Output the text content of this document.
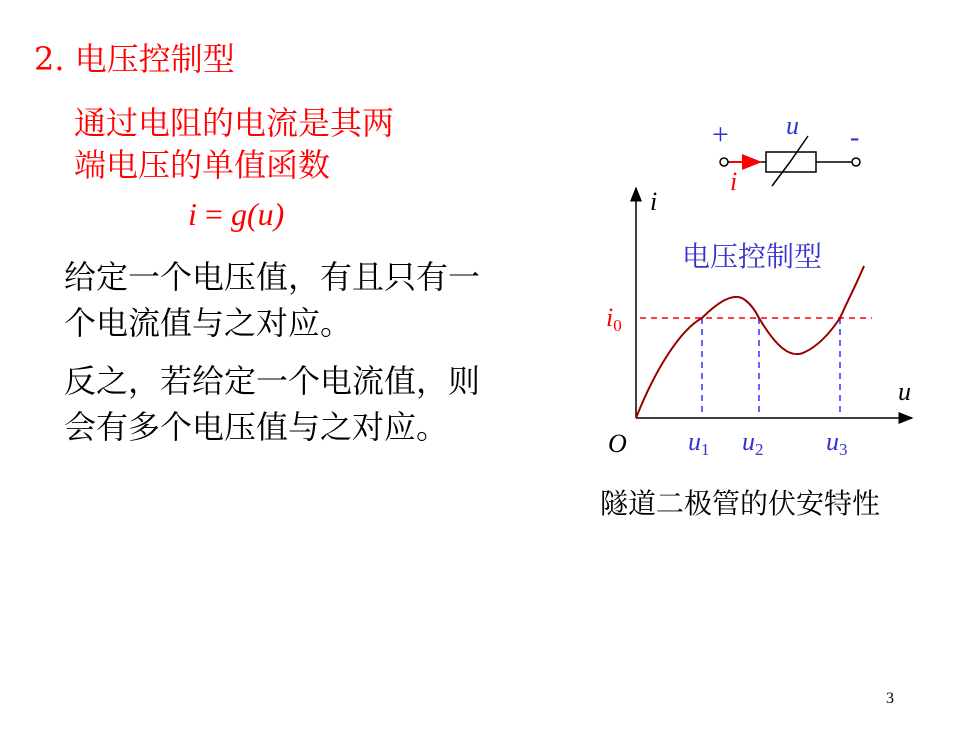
2. 电压控制型
通过电阻的电流是其两
端电压的单值函数
i = g(u)
给定一个电压值，有且只有一
个电流值与之对应。
反之，若给定一个电流值，则
会有多个电压值与之对应。
+	-
u
i
i
u
O
i0
电压控制型
u1 u2 u3
隧道二极管的伏安特性
3
